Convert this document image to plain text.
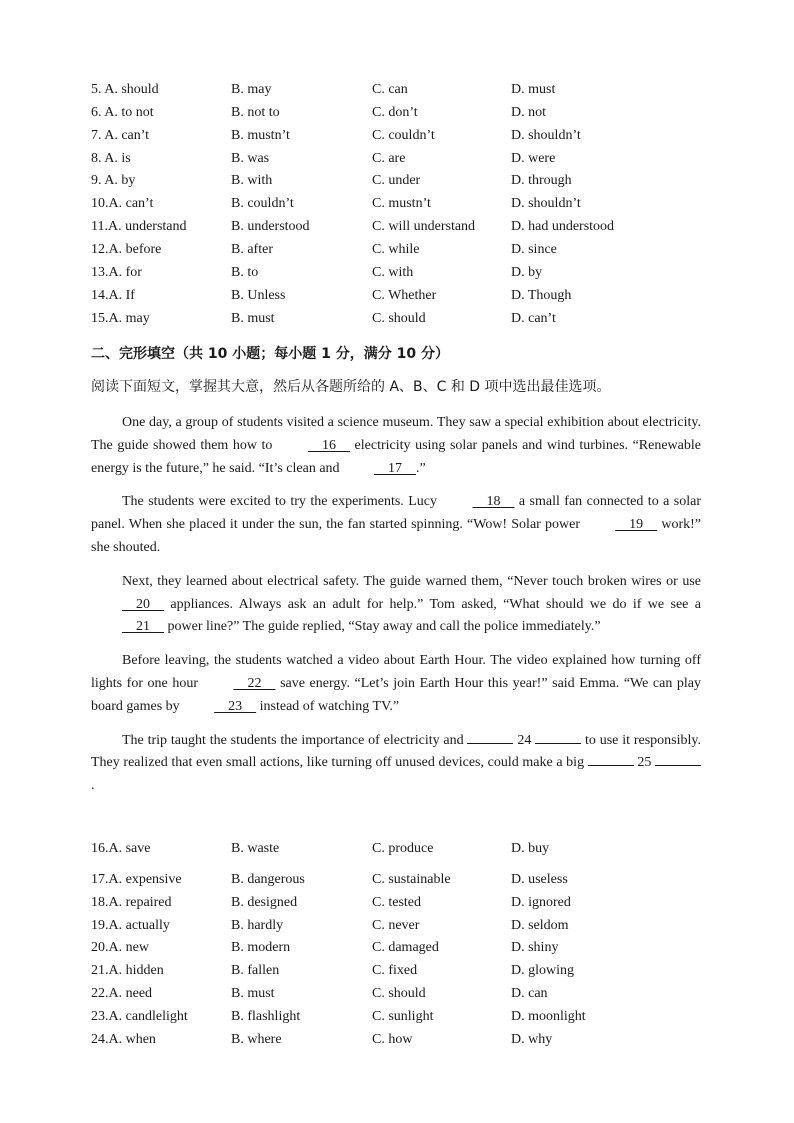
5. A. should	B. may	C. can	D. must
6. A. to not	B. not to	C. don’t	D. not
7. A. can’t	B. mustn’t	C. couldn’t	D. shouldn’t
8. A. is	B. was	C. are	D. were
9. A. by	B. with	C. under	D. through
10.A. can’t	B. couldn’t	C. mustn’t	D. shouldn’t
11.A. understand	B. understood	C. will understand	D. had understood
12.A. before	B. after	C. while	D. since
13.A. for	B. to	C. with	D. by
14.A. If	B. Unless	C. Whether	D. Though
15.A. may	B. must	C. should	D. can’t
二、完形填空（共 10 小题；每小题 1 分，满分 10 分）
阅读下面短文，掌握其大意，然后从各题所给的 A、B、C 和 D 项中选出最佳选项。

One day, a group of students visited a science museum. They saw a special exhibition about electricity. The guide showed them how to     16     electricity using solar panels and wind turbines. “Renewable energy is the future,” he said. “It’s clean and     17    .”

The students were excited to try the experiments. Lucy     18     a small fan connected to a solar panel. When she placed it under the sun, the fan started spinning. “Wow! Solar power     19     work!” she shouted.

Next, they learned about electrical safety. The guide warned them, “Never touch broken wires or use     20     appliances. Always ask an adult for help.” Tom asked, “What should we do if we see a     21     power line?” The guide replied, “Stay away and call the police immediately.”

Before leaving, the students watched a video about Earth Hour. The video explained how turning off lights for one hour     22     save energy. “Let’s join Earth Hour this year!” said Emma. “We can play board games by     23     instead of watching TV.”

The trip taught the students the importance of electricity and	24	to use it responsibly. They realized that even small actions, like turning off unused devices, could make a big	25 .

16.A. save	B. waste	C. produce	D. buy
17.A. expensive	B. dangerous	C. sustainable	D. useless
18.A. repaired	B. designed	C. tested	D. ignored
19.A. actually	B. hardly	C. never	D. seldom
20.A. new	B. modern	C. damaged	D. shiny
21.A. hidden	B. fallen	C. fixed	D. glowing
22.A. need	B. must	C. should	D. can
23.A. candlelight	B. flashlight	C. sunlight	D. moonlight
24.A. when	B. where	C. how	D. why
